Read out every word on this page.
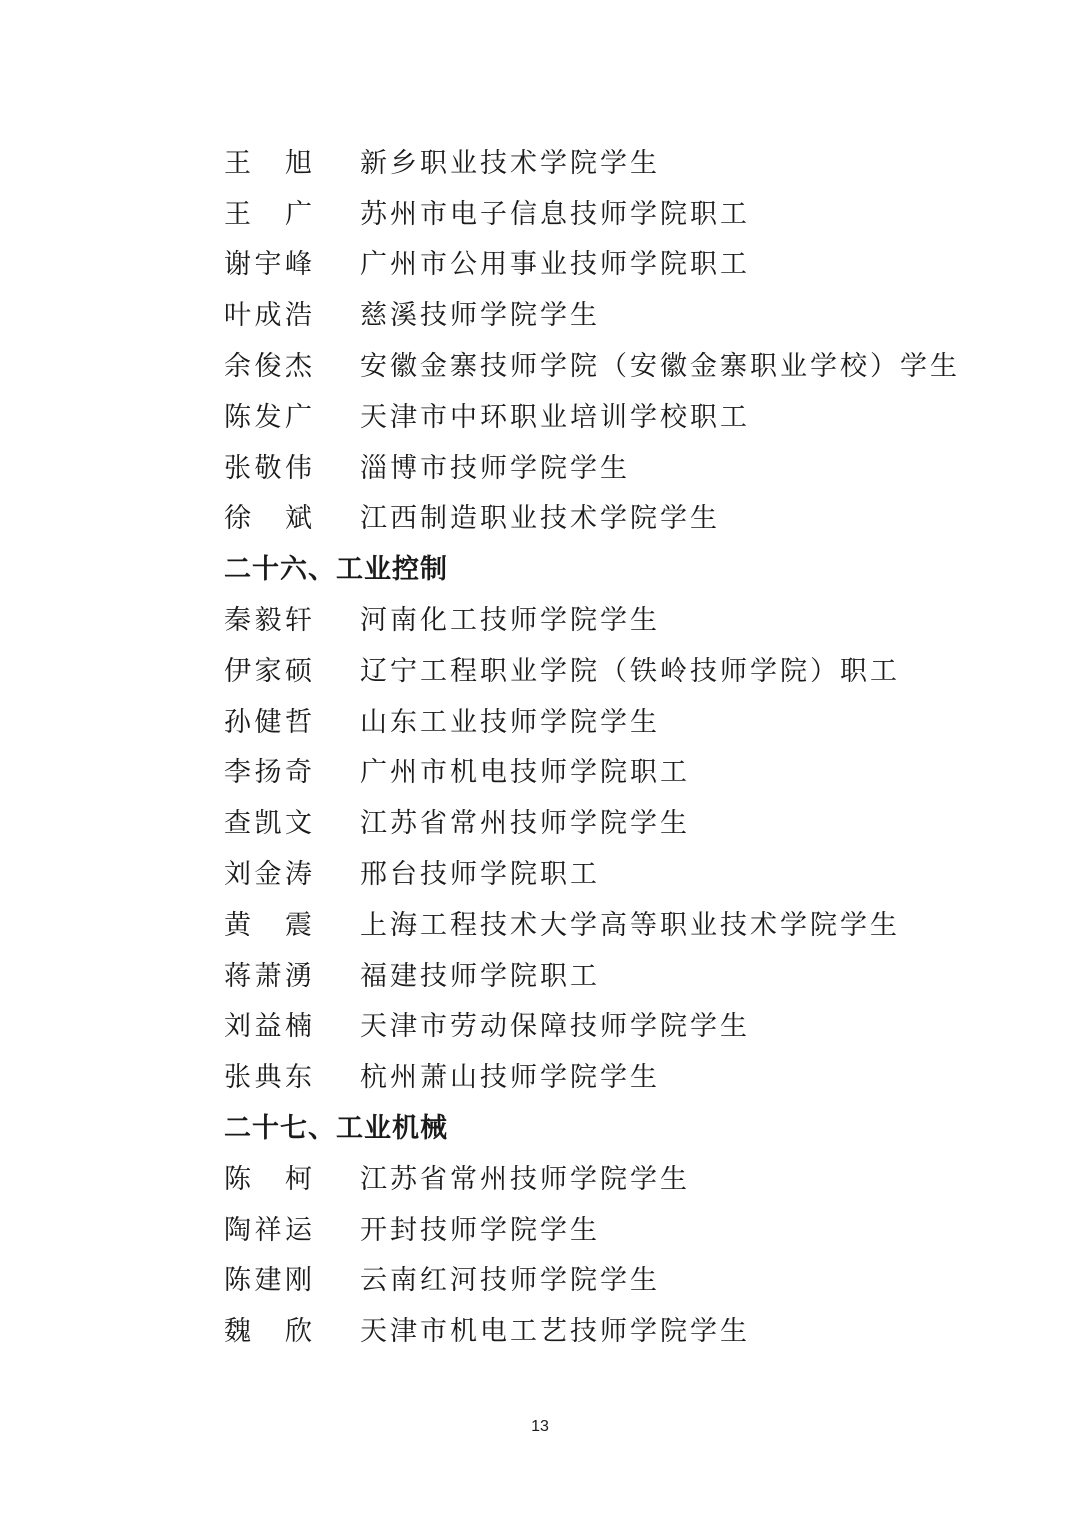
王 旭 新乡职业技术学院学生
王 广 苏州市电子信息技师学院职工
谢 宇 峰 广州市公用事业技师学院职工
叶 成 浩 慈溪技师学院学生
余 俊 杰 安徽金寨技师学院（安徽金寨职业学校）学生
陈 发 广 天津市中环职业培训学校职工
张 敬 伟 淄博市技师学院学生
徐 斌 江西制造职业技术学院学生
二十六、工业控制
秦 毅 轩 河南化工技师学院学生
伊 家 硕 辽宁工程职业学院（铁岭技师学院）职工
孙 健 哲 山东工业技师学院学生
李 扬 奇 广州市机电技师学院职工
查 凯 文 江苏省常州技师学院学生
刘 金 涛 邢台技师学院职工
黄 震 上海工程技术大学高等职业技术学院学生
蒋 萧 湧 福建技师学院职工
刘 益 楠 天津市劳动保障技师学院学生
张 典 东 杭州萧山技师学院学生
二十七、工业机械
陈 柯 江苏省常州技师学院学生
陶 祥 运 开封技师学院学生
陈 建 刚 云南红河技师学院学生
魏 欣 天津市机电工艺技师学院学生
13
